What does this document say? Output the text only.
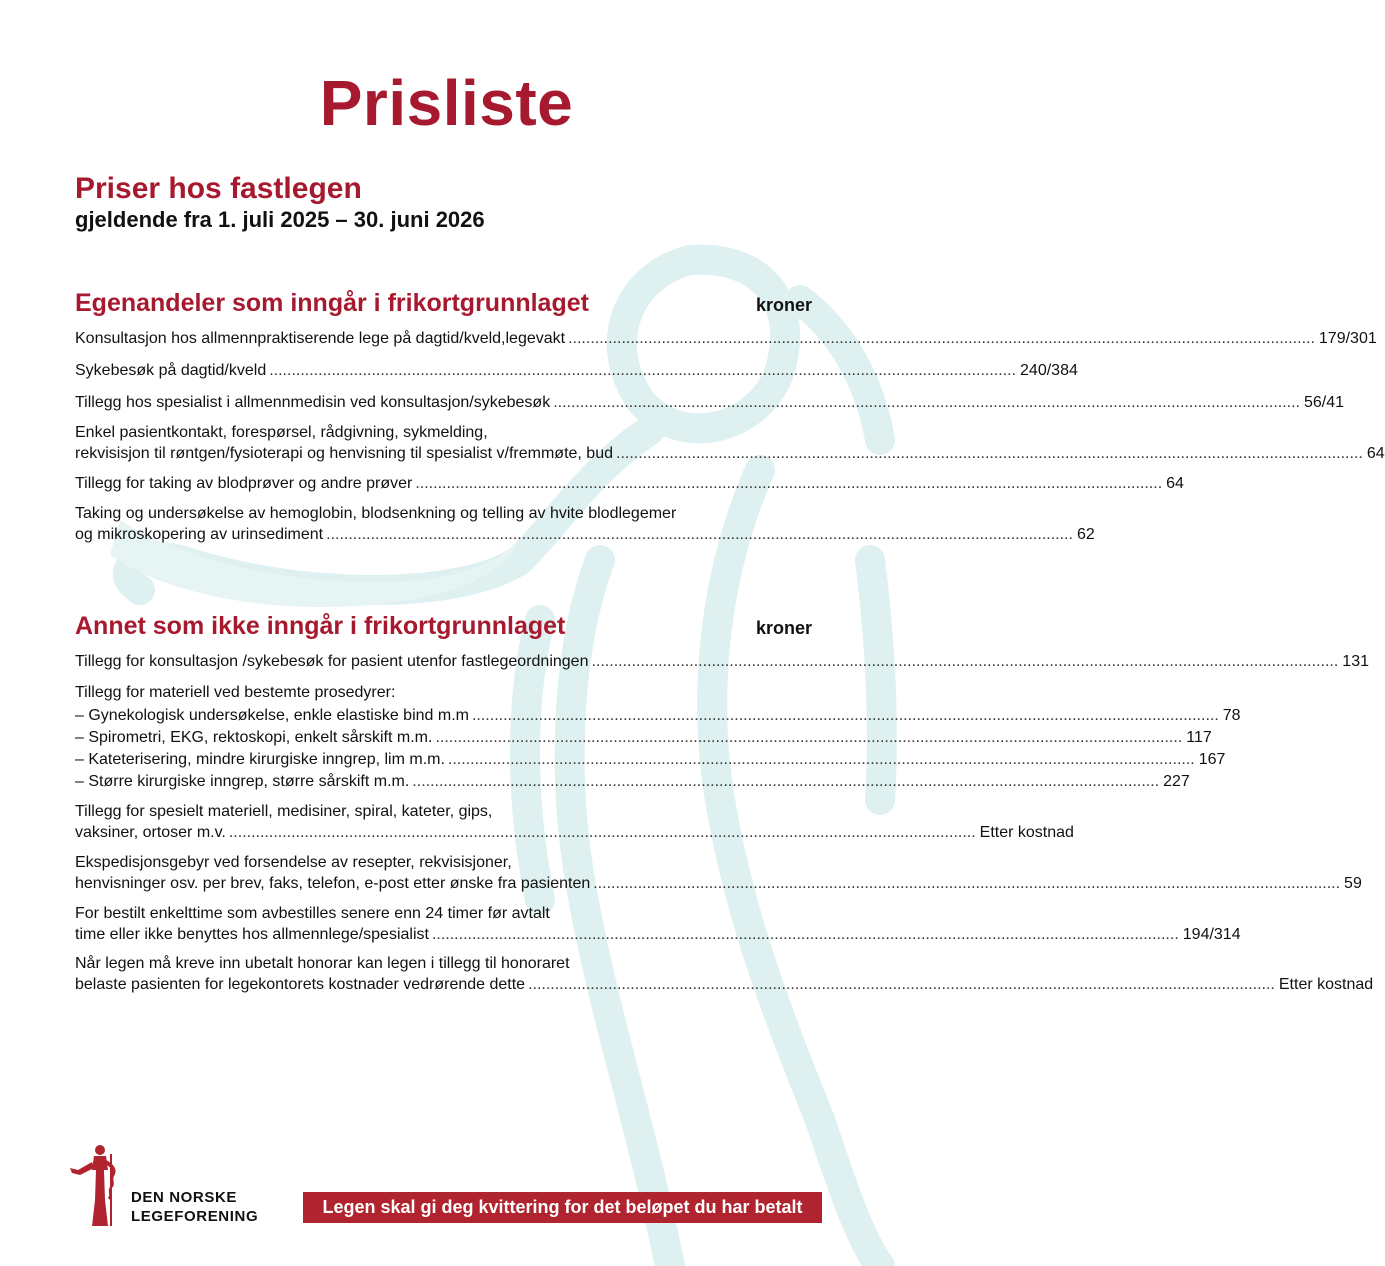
Prisliste
Priser hos fastlegen
gjeldende fra 1. juli 2025 – 30. juni 2026
Egenandeler som inngår i frikortgrunnlaget	kroner
Konsultasjon hos allmennpraktiserende lege på dagtid/kveld,legevakt ........................................................................................................................................................................ 179/301
Sykebesøk på dagtid/kveld ........................................................................................................................................................................ 240/384
Tillegg hos spesialist i allmennmedisin ved konsultasjon/sykebesøk ........................................................................................................................................................................ 56/41
Enkel pasientkontakt, forespørsel, rådgivning, sykmelding,
rekvisisjon til røntgen/fysioterapi og henvisning til spesialist v/fremmøte, bud ........................................................................................................................................................................ 64
Tillegg for taking av blodprøver og andre prøver ........................................................................................................................................................................ 64
Taking og undersøkelse av hemoglobin, blodsenkning og telling av hvite blodlegemer
og mikroskopering av urinsediment ........................................................................................................................................................................ 62
Annet som ikke inngår i frikortgrunnlaget	kroner
Tillegg for konsultasjon /sykebesøk for pasient utenfor fastlegeordningen ........................................................................................................................................................................ 131
Tillegg for materiell ved bestemte prosedyrer:
– Gynekologisk undersøkelse, enkle elastiske bind m.m ........................................................................................................................................................................ 78
– Spirometri, EKG, rektoskopi, enkelt sårskift m.m. ........................................................................................................................................................................ 117
– Kateterisering, mindre kirurgiske inngrep, lim m.m. ........................................................................................................................................................................ 167
– Større kirurgiske inngrep, større sårskift m.m. ........................................................................................................................................................................ 227
Tillegg for spesielt materiell, medisiner, spiral, kateter, gips,
vaksiner, ortoser m.v. ........................................................................................................................................................................ Etter kostnad
Ekspedisjonsgebyr ved forsendelse av resepter, rekvisisjoner,
henvisninger osv. per brev, faks, telefon, e-post etter ønske fra pasienten ........................................................................................................................................................................ 59
For bestilt enkelttime som avbestilles senere enn 24 timer før avtalt
time eller ikke benyttes hos allmennlege/spesialist ........................................................................................................................................................................ 194/314
Når legen må kreve inn ubetalt honorar kan legen i tillegg til honoraret
belaste pasienten for legekontorets kostnader vedrørende dette ........................................................................................................................................................................ Etter kostnad
DEN NORSKE
LEGEFORENING	Legen skal gi deg kvittering for det beløpet du har betalt
